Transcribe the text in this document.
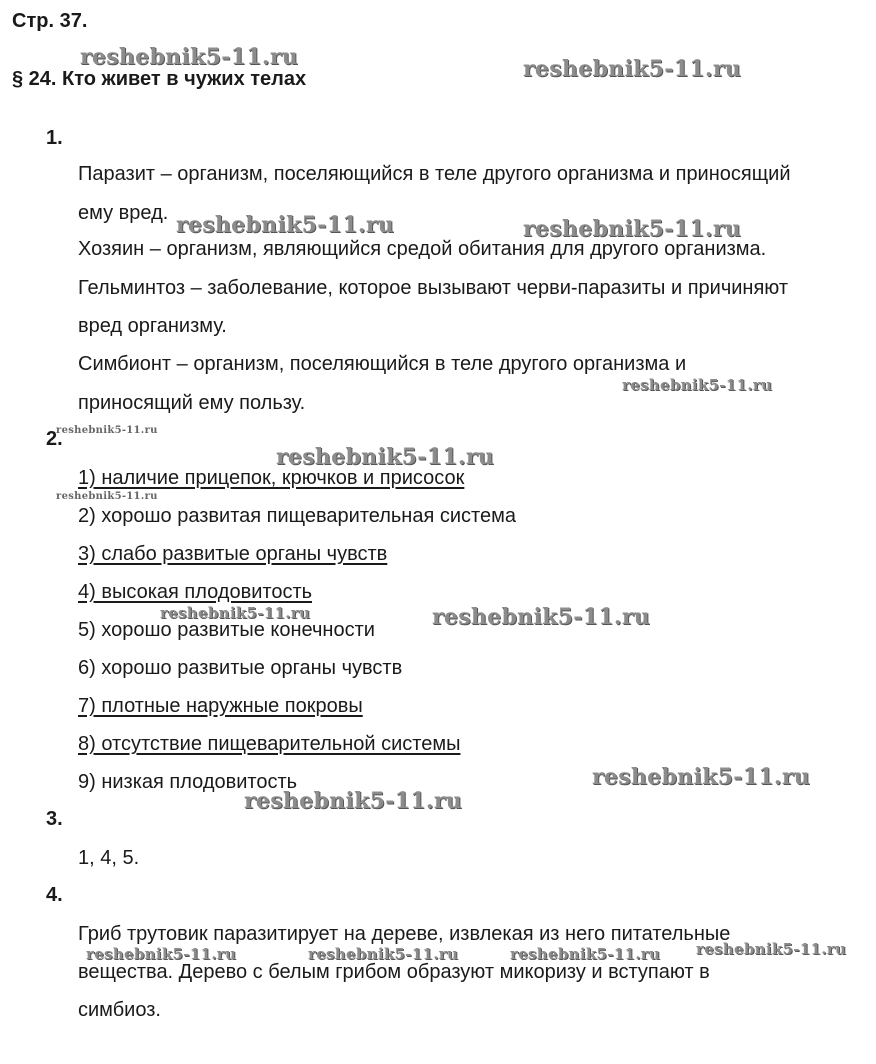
Стр. 37.
§ 24. Кто живет в чужих телах
1.
Паразит – организм, поселяющийся в теле другого организма и приносящий
ему вред.
Хозяин – организм, являющийся средой обитания для другого организма.
Гельминтоз – заболевание, которое вызывают черви-паразиты и причиняют
вред организму.
Симбионт – организм, поселяющийся в теле другого организма и
приносящий ему пользу.
2.
1) наличие прицепок, крючков и присосок
2) хорошо развитая пищеварительная система
3) слабо развитые органы чувств
4) высокая плодовитость
5) хорошо развитые конечности
6) хорошо развитые органы чувств
7) плотные наружные покровы
8) отсутствие пищеварительной системы
9) низкая плодовитость
3.
1, 4, 5.
4.
Гриб трутовик паразитирует на дереве, извлекая из него питательные
вещества. Дерево с белым грибом образуют микоризу и вступают в
симбиоз.
reshebnik5-11.ru	reshebnik5-11.ru
reshebnik5-11.ru	reshebnik5-11.ru
reshebnik5-11.ru
reshebnik5-11.ru
reshebnik5-11.ru
reshebnik5-11.ru
reshebnik5-11.ru	reshebnik5-11.ru
reshebnik5-11.ru
reshebnik5-11.ru
reshebnik5-11.ru	reshebnik5-11.ru	reshebnik5-11.ru reshebnik5-11.ru
